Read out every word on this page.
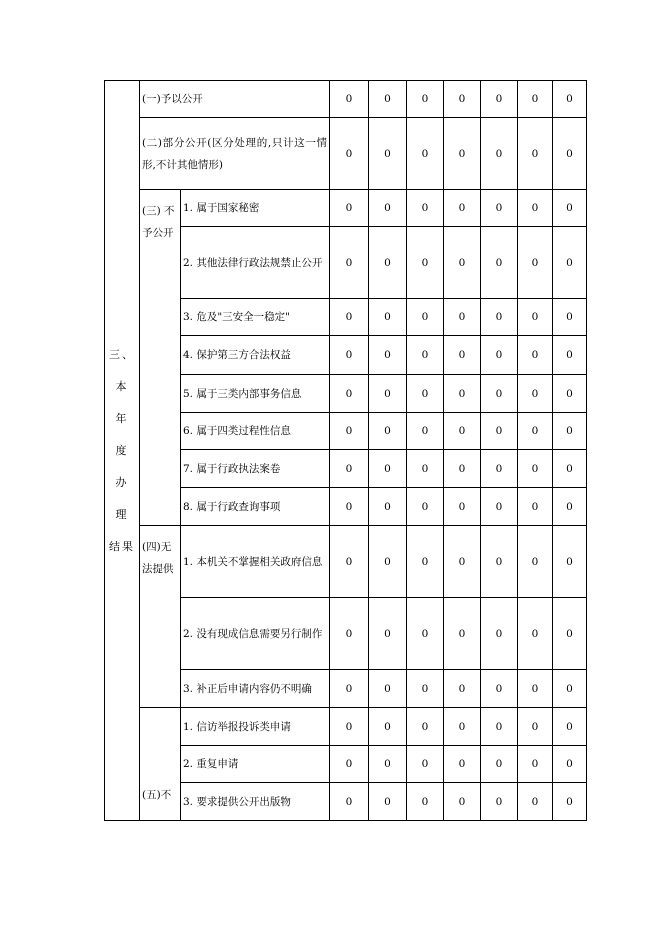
三、本
年　度
办　理
结果	(一)予以公开		0	0	0	0	0	0	0
	(二)部分公开(区分处理的,只计这一情形,不计其他情形)		0	0	0	0	0	0	0
	(三) 不予公开	1. 属于国家秘密	0	0	0	0	0	0	0
		2. 其他法律行政法规禁止公开	0	0	0	0	0	0	0
		3. 危及"三安全一稳定"	0	0	0	0	0	0	0
		4. 保护第三方合法权益	0	0	0	0	0	0	0
		5. 属于三类内部事务信息	0	0	0	0	0	0	0
		6. 属于四类过程性信息	0	0	0	0	0	0	0
		7. 属于行政执法案卷	0	0	0	0	0	0	0
		8. 属于行政查询事项	0	0	0	0	0	0	0
	(四)无法提供	1. 本机关不掌握相关政府信息	0	0	0	0	0	0	0
		2. 没有现成信息需要另行制作	0	0	0	0	0	0	0
		3. 补正后申请内容仍不明确	0	0	0	0	0	0	0
	(五)不	1. 信访举报投诉类申请	0	0	0	0	0	0	0
		2. 重复申请	0	0	0	0	0	0	0
		3. 要求提供公开出版物	0	0	0	0	0	0	0
